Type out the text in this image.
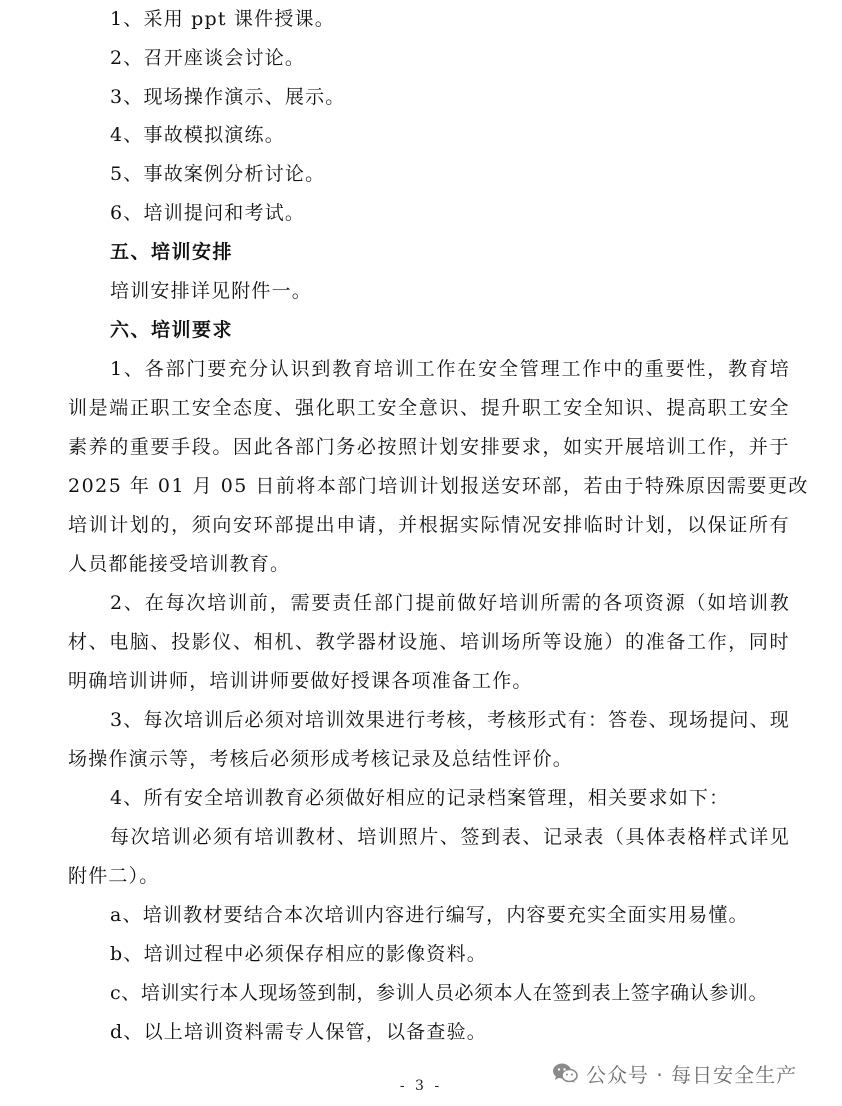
1、采用 ppt 课件授课。
2、召开座谈会讨论。
3、现场操作演示、展示。
4、事故模拟演练。
5、事故案例分析讨论。
6、培训提问和考试。
五、培训安排
培训安排详见附件一。
六、培训要求
1、各部门要充分认识到教育培训工作在安全管理工作中的重要性，教育培
训是端正职工安全态度、强化职工安全意识、提升职工安全知识、提高职工安全
素养的重要手段。因此各部门务必按照计划安排要求，如实开展培训工作，并于
2025 年 01 月 05 日前将本部门培训计划报送安环部，若由于特殊原因需要更改
培训计划的，须向安环部提出申请，并根据实际情况安排临时计划，以保证所有
人员都能接受培训教育。
2、在每次培训前，需要责任部门提前做好培训所需的各项资源（如培训教
材、电脑、投影仪、相机、教学器材设施、培训场所等设施）的准备工作，同时
明确培训讲师，培训讲师要做好授课各项准备工作。
3、每次培训后必须对培训效果进行考核，考核形式有：答卷、现场提问、现
场操作演示等，考核后必须形成考核记录及总结性评价。
4、所有安全培训教育必须做好相应的记录档案管理，相关要求如下：
每次培训必须有培训教材、培训照片、签到表、记录表（具体表格样式详见
附件二）。
a、培训教材要结合本次培训内容进行编写，内容要充实全面实用易懂。
b、培训过程中必须保存相应的影像资料。
c、培训实行本人现场签到制，参训人员必须本人在签到表上签字确认参训。
d、以上培训资料需专人保管，以备查验。
公众号 · 每日安全生产
- 3 -
